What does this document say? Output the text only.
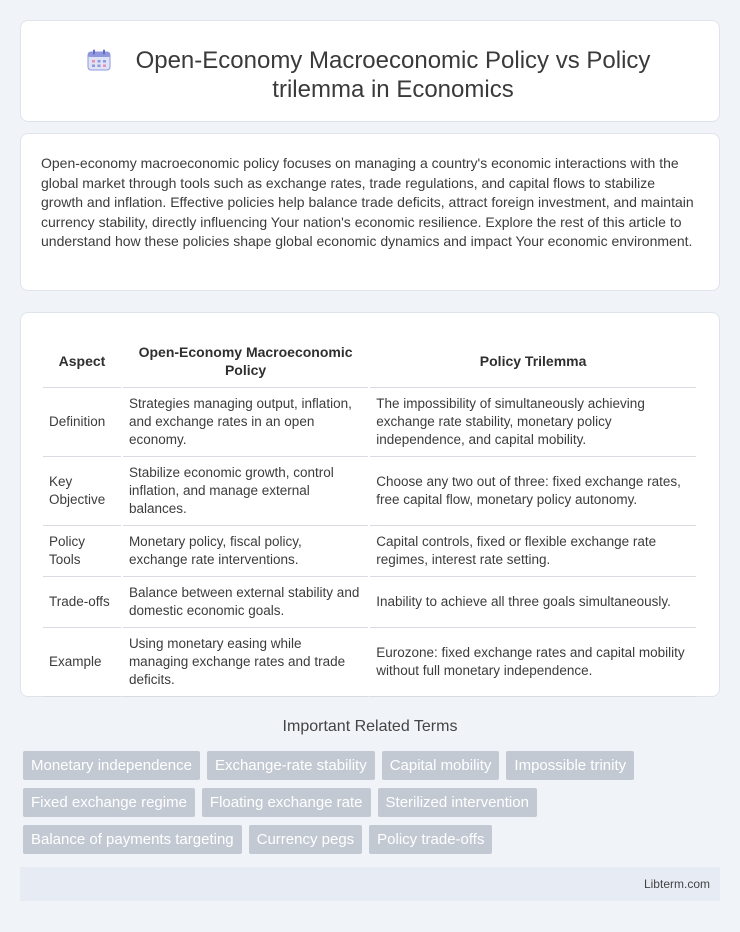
Open-Economy Macroeconomic Policy vs Policy trilemma in Economics

Open-economy macroeconomic policy focuses on managing a country's economic interactions with the global market through tools such as exchange rates, trade regulations, and capital flows to stabilize growth and inflation. Effective policies help balance trade deficits, attract foreign investment, and maintain currency stability, directly influencing Your nation's economic resilience. Explore the rest of this article to understand how these policies shape global economic dynamics and impact Your economic environment.

Aspect	Open-Economy Macroeconomic Policy	Policy Trilemma
Definition	Strategies managing output, inflation, and exchange rates in an open economy.	The impossibility of simultaneously achieving exchange rate stability, monetary policy independence, and capital mobility.
Key Objective	Stabilize economic growth, control inflation, and manage external balances.	Choose any two out of three: fixed exchange rates, free capital flow, monetary policy autonomy.
Policy Tools	Monetary policy, fiscal policy, exchange rate interventions.	Capital controls, fixed or flexible exchange rate regimes, interest rate setting.
Trade-offs	Balance between external stability and domestic economic goals.	Inability to achieve all three goals simultaneously.
Example	Using monetary easing while managing exchange rates and trade deficits.	Eurozone: fixed exchange rates and capital mobility without full monetary independence.
Important Related Terms
Monetary independence	Exchange-rate stability	Capital mobility	Impossible trinity
Fixed exchange regime	Floating exchange rate	Sterilized intervention
Balance of payments targeting	Currency pegs	Policy trade-offs
Libterm.com
